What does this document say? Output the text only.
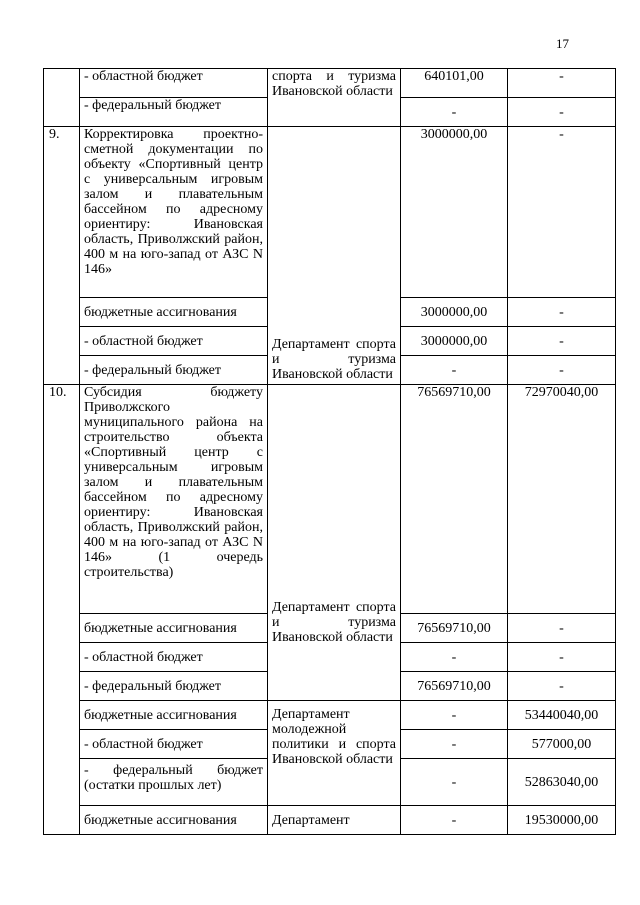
17
	- областной бюджет	спорта и туризма Ивановской области	640101,00	-
	- федеральный бюджет		-	-
9.	Корректировка проектно-сметной документации по объекту «Спортивный центр с универсальным игровым залом и плавательным бассейном по адресному ориентиру: Ивановская область, Приволжский район, 400 м на юго-запад от АЗС N 146»	Департамент спорта и туризма Ивановской области	3000000,00	-
	бюджетные ассигнования		3000000,00	-
	- областной бюджет		3000000,00	-
	- федеральный бюджет		-	-
10.	Субсидия бюджету Приволжского муниципального района на строительство объекта «Спортивный центр с универсальным игровым залом и плавательным бассейном по адресному ориентиру: Ивановская область, Приволжский район, 400 м на юго-запад от АЗС N 146» (1 очередь строительства)	Департамент спорта и туризма Ивановской области	76569710,00	72970040,00
	бюджетные ассигнования		76569710,00	-
	- областной бюджет		-	-
	- федеральный бюджет		76569710,00	-
	бюджетные ассигнования	Департамент молодежной политики и спорта Ивановской области	-	53440040,00
	- областной бюджет		-	577000,00
	- федеральный бюджет (остатки прошлых лет)		-	52863040,00
	бюджетные ассигнования	Департамент	-	19530000,00
